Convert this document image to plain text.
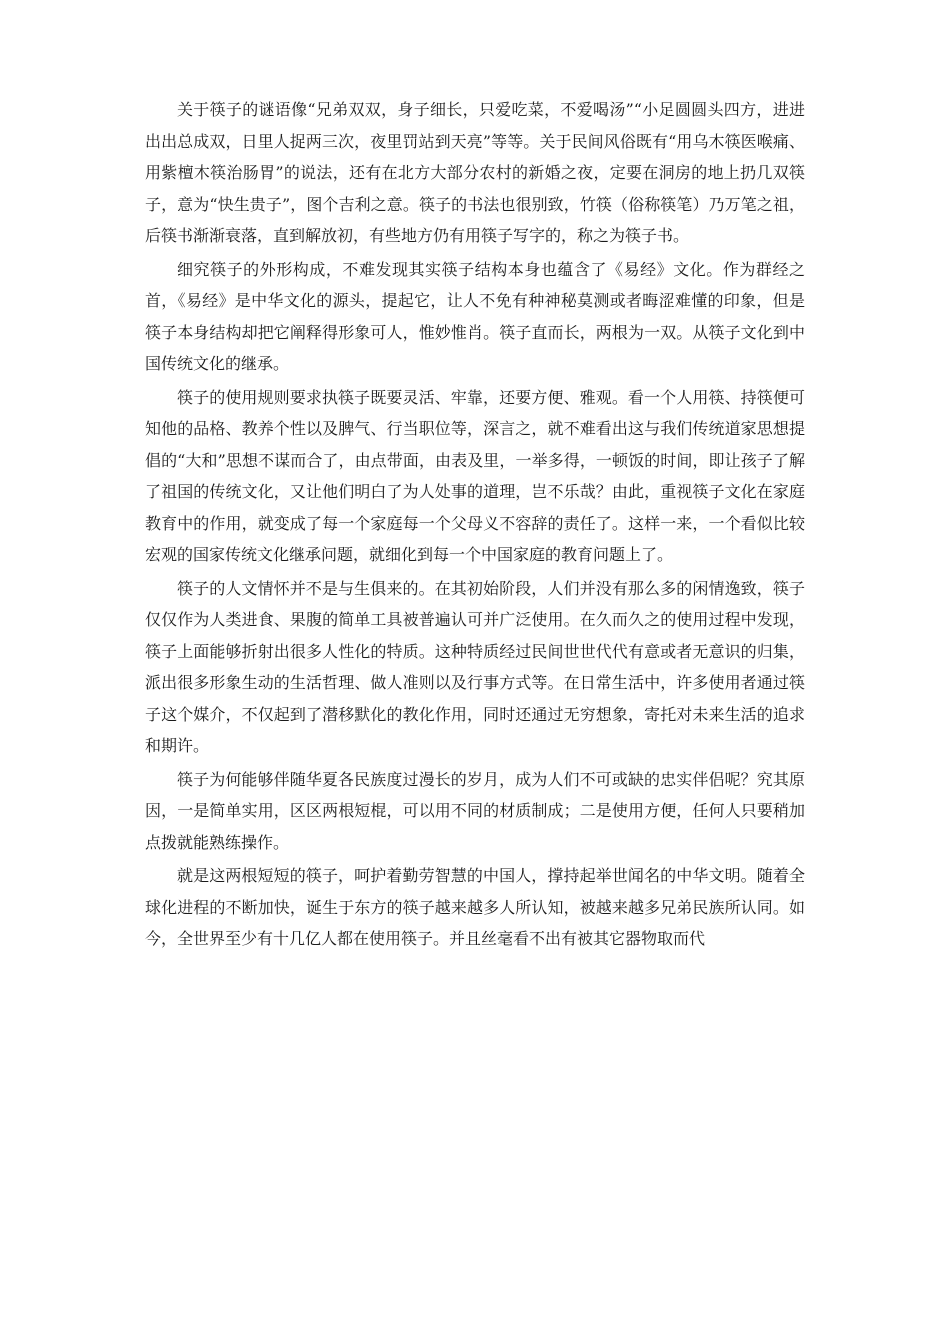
关于筷子的谜语像“兄弟双双，身子细长，只爱吃菜，不爱喝汤”“小足圆圆头四方，进进出出总成双，日里人捉两三次，夜里罚站到天亮”等等。关于民间风俗既有“用乌木筷医喉痛、用紫檀木筷治肠胃”的说法，还有在北方大部分农村的新婚之夜，定要在洞房的地上扔几双筷子，意为“快生贵子”，图个吉利之意。筷子的书法也很别致，竹筷（俗称筷笔）乃万笔之祖，后筷书渐渐衰落，直到解放初，有些地方仍有用筷子写字的，称之为筷子书。

细究筷子的外形构成，不难发现其实筷子结构本身也蕴含了《易经》文化。作为群经之首，《易经》是中华文化的源头，提起它，让人不免有种神秘莫测或者晦涩难懂的印象，但是筷子本身结构却把它阐释得形象可人，惟妙惟肖。筷子直而长，两根为一双。从筷子文化到中国传统文化的继承。

筷子的使用规则要求执筷子既要灵活、牢靠，还要方便、雅观。看一个人用筷、持筷便可知他的品格、教养个性以及脾气、行当职位等，深言之，就不难看出这与我们传统道家思想提倡的“大和”思想不谋而合了，由点带面，由表及里，一举多得，一顿饭的时间，即让孩子了解了祖国的传统文化，又让他们明白了为人处事的道理，岂不乐哉？由此，重视筷子文化在家庭教育中的作用，就变成了每一个家庭每一个父母义不容辞的责任了。这样一来，一个看似比较宏观的国家传统文化继承问题，就细化到每一个中国家庭的教育问题上了。

筷子的人文情怀并不是与生俱来的。在其初始阶段，人们并没有那么多的闲情逸致，筷子仅仅作为人类进食、果腹的简单工具被普遍认可并广泛使用。在久而久之的使用过程中发现，筷子上面能够折射出很多人性化的特质。这种特质经过民间世世代代有意或者无意识的归集，派出很多形象生动的生活哲理、做人准则以及行事方式等。在日常生活中，许多使用者通过筷子这个媒介，不仅起到了潜移默化的教化作用，同时还通过无穷想象，寄托对未来生活的追求和期许。

筷子为何能够伴随华夏各民族度过漫长的岁月，成为人们不可或缺的忠实伴侣呢？究其原因，一是简单实用，区区两根短棍，可以用不同的材质制成；二是使用方便，任何人只要稍加点拨就能熟练操作。

就是这两根短短的筷子，呵护着勤劳智慧的中国人，撑持起举世闻名的中华文明。随着全球化进程的不断加快，诞生于东方的筷子越来越多人所认知，被越来越多兄弟民族所认同。如今，全世界至少有十几亿人都在使用筷子。并且丝毫看不出有被其它器物取而代
